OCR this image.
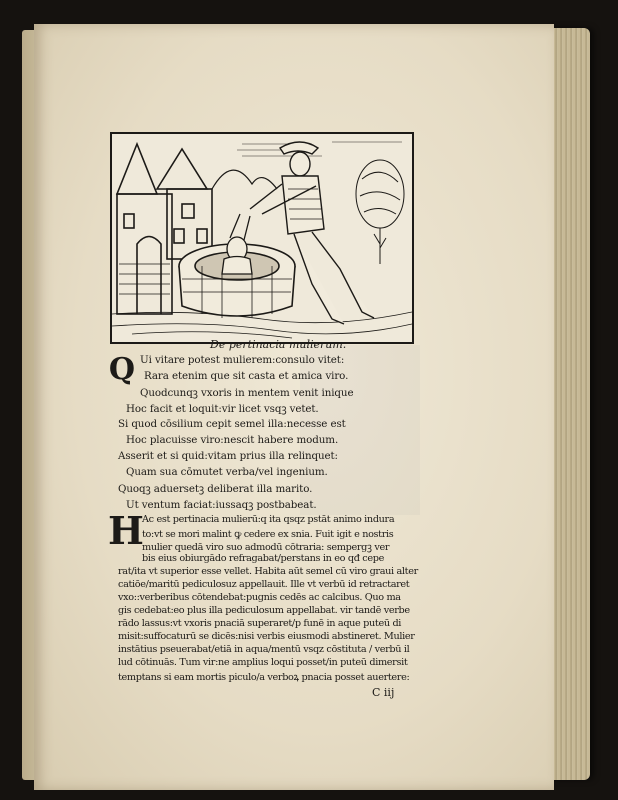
De pertinacia mulierum.
Q Ui vitare potest mulierem:consulo vitet:
Rara etenim que sit casta et amica viro.
Quodcunqꝫ vxoris in mentem venit inique
Hoc facit et loquit:vir licet vsqꝫ vetet.
Si quod cōsilium cepit semel illa:necesse est
Hoc placuisse viro:nescit habere modum.
Asserit et si quid:vitam prius illa relinquet:
Quam sua cōmutet verba/vel ingenium.
Quoqꝫ aduersetꝫ deliberat illa marito.
Ut ventum faciat:iussaqꝫ postbabeat.
H
Ac est pertinacia mulierū:q ita qsqz pstāt animo indura
to:vt se mori malint ꝙ cedere ex snia. Fuit igit e nostris
mulier quedā viro suo admodū cōtraria: sempergꝫ ver
bis eius obiurgādo refragabat/perstans in eo qđ cepe
rat/ita vt superior esse vellet. Habita aūt semel cū viro graui alter
catiōe/maritū pediculosuz appellauit. Ille vt verbū id retractaret
vxo::verberibus cōtendebat:pugnis cedēs ac calcibus. Quo ma
gis cedebat:eo plus illa pediculosum appellabat. vir tandē verbe
rādo lassus:vt vxoris pnaciā superaret/p funē in aque puteū di
misit:suffocaturū se dicēs:nisi verbis eiusmodi abstineret. Mulier
instātius pseuerabat/etiā in aqua/mentū vsqz cōstituta / verbū il
lud cōtinuās. Tum vir:ne amplius loqui posset/in puteū dimersit
temptans si eam mortis piculo/a verboꝝ pnacia posset auertere:
C iij
